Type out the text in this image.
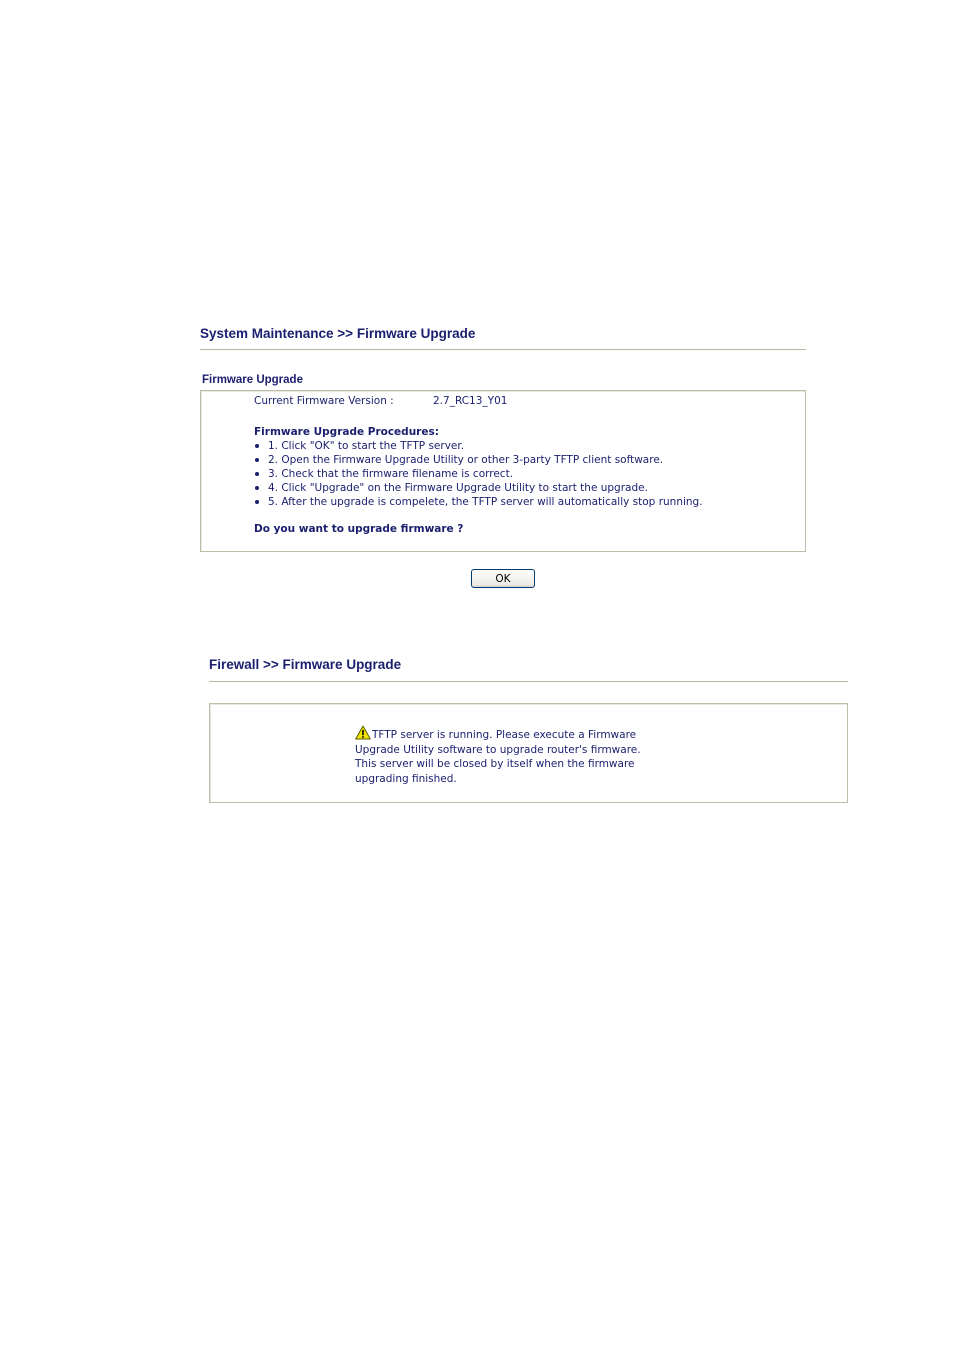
System Maintenance >> Firmware Upgrade
Firmware Upgrade
Current Firmware Version :	2.7_RC13_Y01
Firmware Upgrade Procedures:
1. Click "OK" to start the TFTP server.
2. Open the Firmware Upgrade Utility or other 3-party TFTP client software.
3. Check that the firmware filename is correct.
4. Click "Upgrade" on the Firmware Upgrade Utility to start the upgrade.
5. After the upgrade is compelete, the TFTP server will automatically stop running.
Do you want to upgrade firmware ?
OK
Firewall >> Firmware Upgrade
TFTP server is running. Please execute a Firmware
Upgrade Utility software to upgrade router's firmware.
This server will be closed by itself when the firmware
upgrading finished.
